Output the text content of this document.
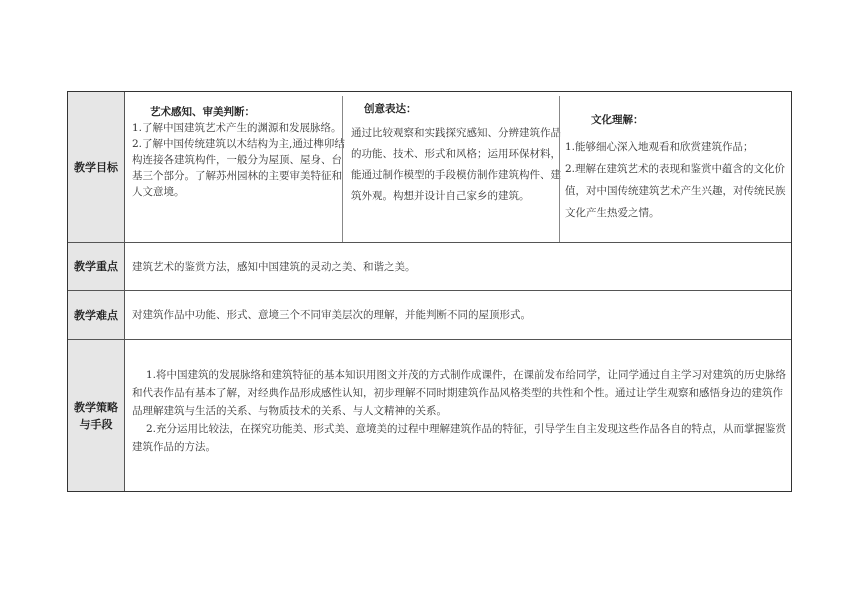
教学目标
艺术感知、审美判断：
1.了解中国建筑艺术产生的渊源和发展脉络。
2.了解中国传统建筑以木结构为主,通过榫卯结构连接各建筑构件，一般分为屋顶、屋身、台基三个部分。了解苏州园林的主要审美特征和人文意境。
创意表达：
通过比较观察和实践探究感知、分辨建筑作品的功能、技术、形式和风格；运用环保材料，能通过制作模型的手段模仿制作建筑构件、建筑外观。构想并设计自己家乡的建筑。
文化理解：
1.能够细心深入地观看和欣赏建筑作品；
2.理解在建筑艺术的表现和鉴赏中蕴含的文化价值，对中国传统建筑艺术产生兴趣，对传统民族文化产生热爱之情。
教学重点 建筑艺术的鉴赏方法，感知中国建筑的灵动之美、和谐之美。
教学难点 对建筑作品中功能、形式、意境三个不同审美层次的理解，并能判断不同的屋顶形式。
教学策略
与手段
1.将中国建筑的发展脉络和建筑特征的基本知识用图文并茂的方式制作成课件，在课前发布给同学，让同学通过自主学习对建筑的历史脉络和代表作品有基本了解，对经典作品形成感性认知，初步理解不同时期建筑作品风格类型的共性和个性。通过让学生观察和感悟身边的建筑作品理解建筑与生活的关系、与物质技术的关系、与人文精神的关系。
2.充分运用比较法，在探究功能美、形式美、意境美的过程中理解建筑作品的特征，引导学生自主发现这些作品各自的特点，从而掌握鉴赏建筑作品的方法。
